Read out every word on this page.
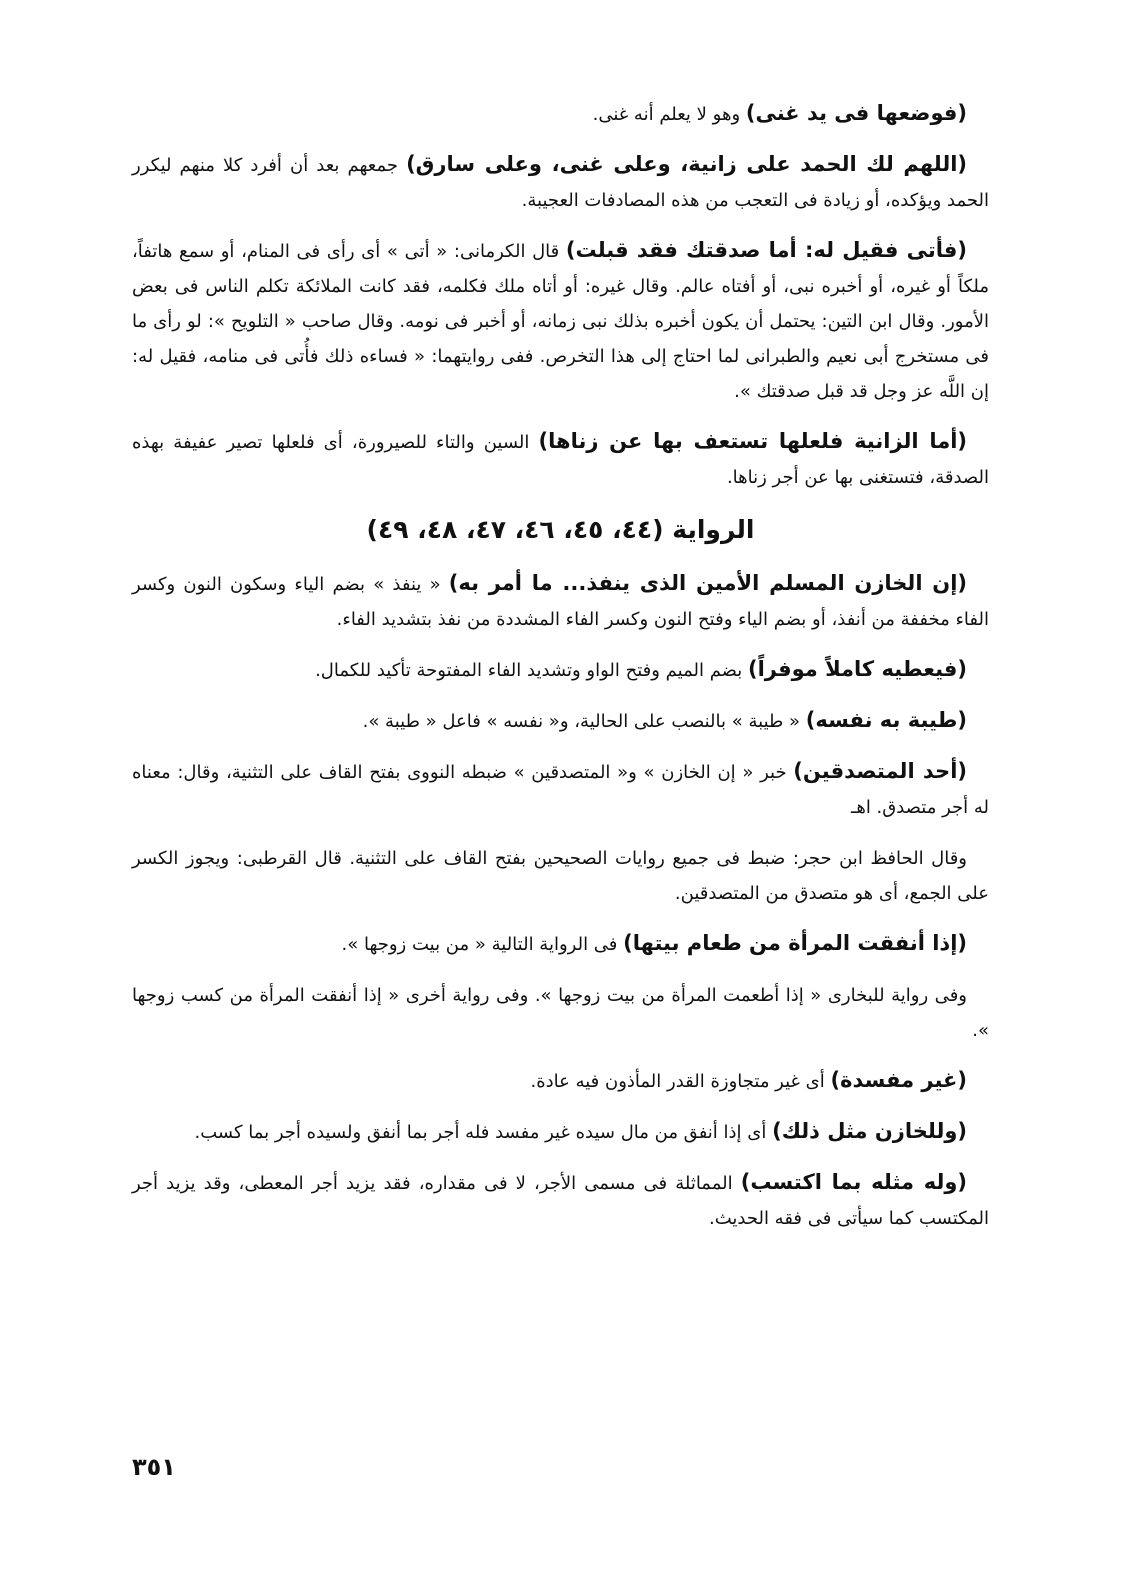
(فوضعها فى يد غنى) وهو لا يعلم أنه غنى.

(اللهم لك الحمد على زانية، وعلى غنى، وعلى سارق) جمعهم بعد أن أفرد كلا منهم ليكرر الحمد ويؤكده، أو زيادة فى التعجب من هذه المصادفات العجيبة.

(فأتى فقيل له: أما صدقتك فقد قبلت) قال الكرمانى: « أتى » أى رأى فى المنام، أو سمع هاتفاً، ملكاً أو غيره، أو أخبره نبى، أو أفتاه عالم. وقال غيره: أو أتاه ملك فكلمه، فقد كانت الملائكة تكلم الناس فى بعض الأمور. وقال ابن التين: يحتمل أن يكون أخبره بذلك نبى زمانه، أو أخبر فى نومه. وقال صاحب « التلويح »: لو رأى ما فى مستخرج أبى نعيم والطبرانى لما احتاج إلى هذا التخرص. ففى روايتهما: « فساءه ذلك فأُتى فى منامه، فقيل له: إن اللَّه عز وجل قد قبل صدقتك ».

(أما الزانية فلعلها تستعف بها عن زناها) السين والتاء للصيرورة، أى فلعلها تصير عفيفة بهذه الصدقة، فتستغنى بها عن أجر زناها.

الرواية (٤٤، ٤٥، ٤٦، ٤٧، ٤٨، ٤٩)

(إن الخازن المسلم الأمين الذى ينفذ... ما أمر به) « ينفذ » بضم الياء وسكون النون وكسر الفاء مخففة من أنفذ، أو بضم الياء وفتح النون وكسر الفاء المشددة من نفذ بتشديد الفاء.

(فيعطيه كاملاً موفراً) بضم الميم وفتح الواو وتشديد الفاء المفتوحة تأكيد للكمال.

(طيبة به نفسه) « طيبة » بالنصب على الحالية، و« نفسه » فاعل « طيبة ».

(أحد المتصدقين) خبر « إن الخازن » و« المتصدقين » ضبطه النووى بفتح القاف على التثنية، وقال: معناه له أجر متصدق. اهـ

وقال الحافظ ابن حجر: ضبط فى جميع روايات الصحيحين بفتح القاف على التثنية. قال القرطبى: ويجوز الكسر على الجمع، أى هو متصدق من المتصدقين.

(إذا أنفقت المرأة من طعام بيتها) فى الرواية التالية « من بيت زوجها ».

وفى رواية للبخارى « إذا أطعمت المرأة من بيت زوجها ». وفى رواية أخرى « إذا أنفقت المرأة من كسب زوجها ».

(غير مفسدة) أى غير متجاوزة القدر المأذون فيه عادة.

(وللخازن مثل ذلك) أى إذا أنفق من مال سيده غير مفسد فله أجر بما أنفق ولسيده أجر بما كسب.

(وله مثله بما اكتسب) المماثلة فى مسمى الأجر، لا فى مقداره، فقد يزيد أجر المعطى، وقد يزيد أجر المكتسب كما سيأتى فى فقه الحديث.

٣٥١
